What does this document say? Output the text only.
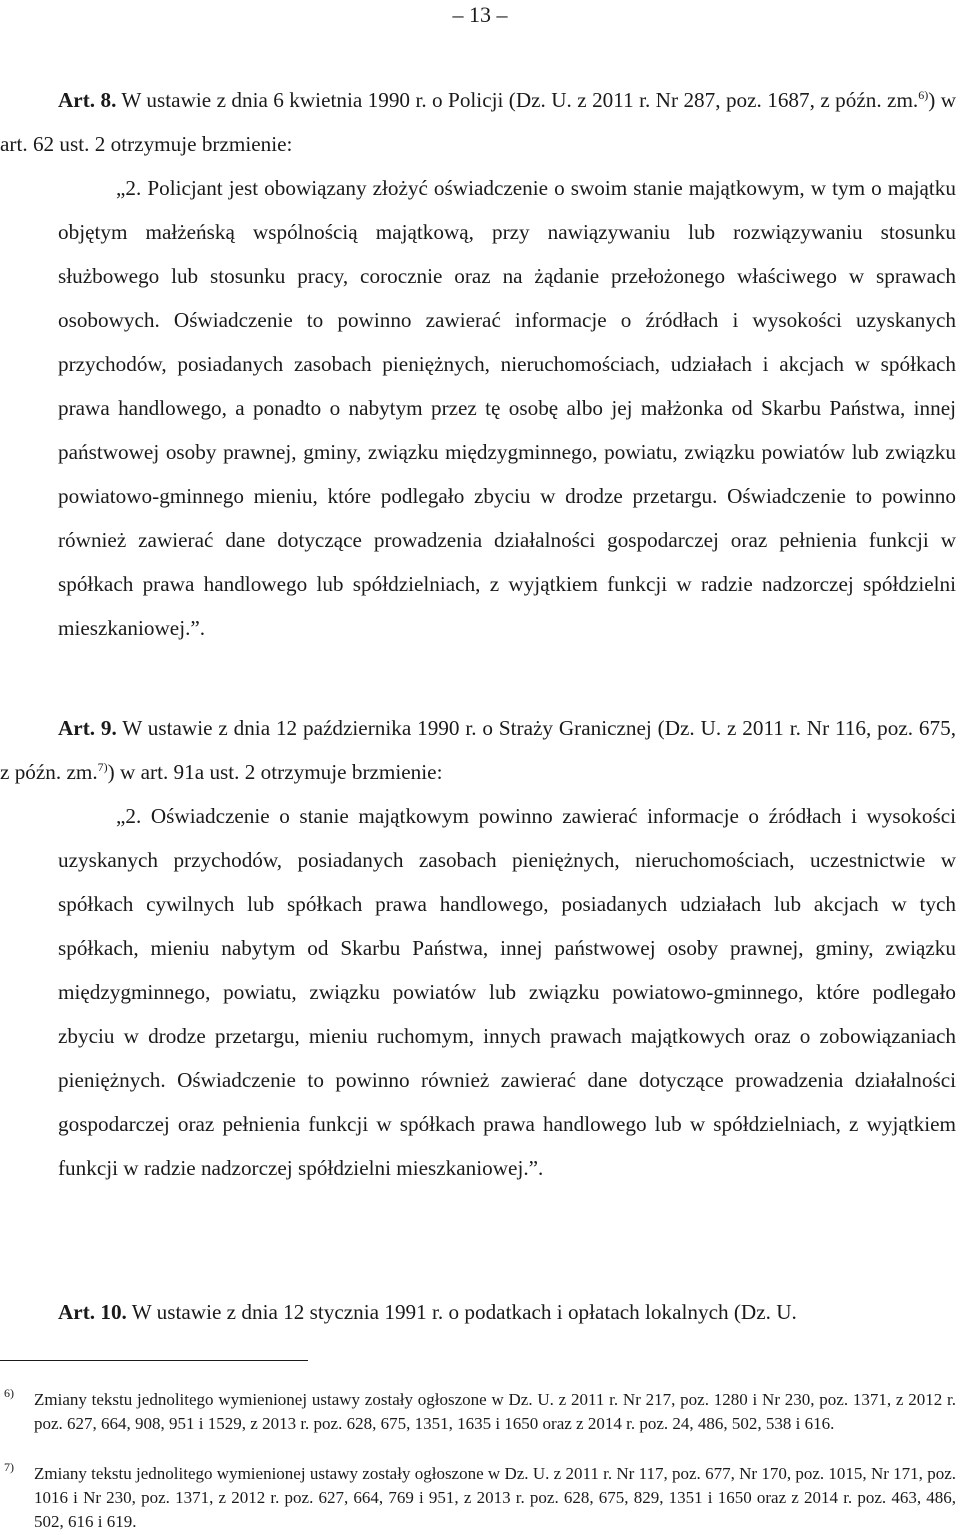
– 13 –

Art. 8. W ustawie z dnia 6 kwietnia 1990 r. o Policji (Dz. U. z 2011 r. Nr 287, poz. 1687, z późn. zm.$^{6)}$) w art. 62 ust. 2 otrzymuje brzmienie:

„2. Policjant jest obowiązany złożyć oświadczenie o swoim stanie majątkowym, w tym o majątku objętym małżeńską wspólnością majątkową, przy nawiązywaniu lub rozwiązywaniu stosunku służbowego lub stosunku pracy, corocznie oraz na żądanie przełożonego właściwego w sprawach osobowych. Oświadczenie to powinno zawierać informacje o źródłach i wysokości uzyskanych przychodów, posiadanych zasobach pieniężnych, nieruchomościach, udziałach i akcjach w spółkach prawa handlowego, a ponadto o nabytym przez tę osobę albo jej małżonka od Skarbu Państwa, innej państwowej osoby prawnej, gminy, związku międzygminnego, powiatu, związku powiatów lub związku powiatowo-gminnego mieniu, które podlegało zbyciu w drodze przetargu. Oświadczenie to powinno również zawierać dane dotyczące prowadzenia działalności gospodarczej oraz pełnienia funkcji w spółkach prawa handlowego lub spółdzielniach, z wyjątkiem funkcji w radzie nadzorczej spółdzielni mieszkaniowej.”.

Art. 9. W ustawie z dnia 12 października 1990 r. o Straży Granicznej (Dz. U. z 2011 r. Nr 116, poz. 675, z późn. zm.$^{7)}$) w art. 91a ust. 2 otrzymuje brzmienie:

„2. Oświadczenie o stanie majątkowym powinno zawierać informacje o źródłach i wysokości uzyskanych przychodów, posiadanych zasobach pieniężnych, nieruchomościach, uczestnictwie w spółkach cywilnych lub spółkach prawa handlowego, posiadanych udziałach lub akcjach w tych spółkach, mieniu nabytym od Skarbu Państwa, innej państwowej osoby prawnej, gminy, związku międzygminnego, powiatu, związku powiatów lub związku powiatowo-gminnego, które podlegało zbyciu w drodze przetargu, mieniu ruchomym, innych prawach majątkowych oraz o zobowiązaniach pieniężnych. Oświadczenie to powinno również zawierać dane dotyczące prowadzenia działalności gospodarczej oraz pełnienia funkcji w spółkach prawa handlowego lub w spółdzielniach, z wyjątkiem funkcji w radzie nadzorczej spółdzielni mieszkaniowej.”.

Art. 10. W ustawie z dnia 12 stycznia 1991 r. o podatkach i opłatach lokalnych (Dz. U.

6) Zmiany tekstu jednolitego wymienionej ustawy zostały ogłoszone w Dz. U. z 2011 r. Nr 217, poz. 1280 i Nr 230, poz. 1371, z 2012 r. poz. 627, 664, 908, 951 i 1529, z 2013 r. poz. 628, 675, 1351, 1635 i 1650 oraz z 2014 r. poz. 24, 486, 502, 538 i 616.

7) Zmiany tekstu jednolitego wymienionej ustawy zostały ogłoszone w Dz. U. z 2011 r. Nr 117, poz. 677, Nr 170, poz. 1015, Nr 171, poz. 1016 i Nr 230, poz. 1371, z 2012 r. poz. 627, 664, 769 i 951, z 2013 r. poz. 628, 675, 829, 1351 i 1650 oraz z 2014 r. poz. 463, 486, 502, 616 i 619.
